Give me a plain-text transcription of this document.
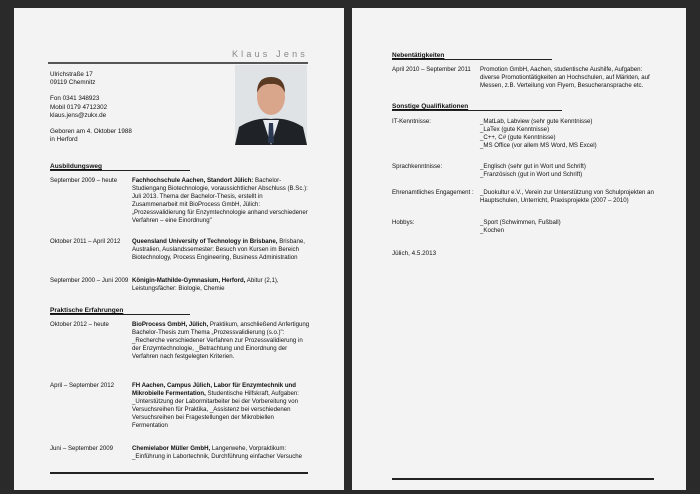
Klaus Jens
Ulrichstraße 17
09119 Chemnitz
Fon 0341 348923
Mobil 0179 4712302
klaus.jens@zukx.de
Geboren am 4. Oktober 1988
in Herford
Ausbildungsweg
September 2009 – heute	Fachhochschule Aachen, Standort Jülich: Bachelor-Studiengang Biotechnologie, voraussichtlicher Abschluss (B.Sc.): Juli 2013. Thema der Bachelor-Thesis, erstellt in Zusammenarbeit mit BioProcess GmbH, Jülich: „Prozessvalidierung für Enzymtechnologie anhand verschiedener Verfahren – eine Einordnung"
Oktober 2011 – April 2012	Queensland University of Technology in Brisbane, Brisbane, Australien, Auslandssemester: Besuch von Kursen im Bereich Biotechnology, Process Engineering, Business Administration
September 2000 – Juni 2009 Königin-Mathilde-Gymnasium, Herford, Abitur (2,1), Leistungsfächer: Biologie, Chemie
Praktische Erfahrungen
Oktober 2012 – heute	BioProcess GmbH, Jülich, Praktikum, anschließend Anfertigung Bachelor-Thesis zum Thema „Prozessvalidierung (s.o.)": _Recherche verschiedener Verfahren zur Prozessvalidierung in der Enzymtechnologie, _Betrachtung und Einordnung der Verfahren nach festgelegten Kriterien.
April – September 2012	FH Aachen, Campus Jülich, Labor für Enzymtechnik und Mikrobielle Fermentation, Studentische Hilfskraft, Aufgaben: _Unterstützung der Labormitarbeiter bei der Vorbereitung von Versuchsreihen für Praktika, _Assistenz bei verschiedenen Versuchsreihen bei Fragestellungen der Mikrobiellen Fermentation
Juni – September 2009	Chemielabor Müller GmbH, Langerwehe, Vorpraktikum: _Einführung in Labortechnik, Durchführung einfacher Versuche
Nebentätigkeiten
April 2010 – September 2011	Promotion GmbH, Aachen, studentische Aushilfe, Aufgaben: diverse Promotiontätigkeiten an Hochschulen, auf Märkten, auf Messen, z.B. Verteilung von Flyern, Besucheransprache etc.
Sonstige Qualifikationen
IT-Kenntnisse:	_MatLab, Labview (sehr gute Kenntnisse)
_LaTex (gute Kenntnisse)
_C++, C# (gute Kenntnisse)
_MS Office (vor allem MS Word, MS Excel)
Sprachkenntnisse:	_Englisch (sehr gut in Wort und Schrift)
_Französisch (gut in Wort und Schrift)
Ehrenamtliches Engagement :	_Duokultur e.V., Verein zur Unterstützung von Schulprojekten an Hauptschulen, Unterricht, Praxisprojekte (2007 – 2010)
Hobbys:	_Sport (Schwimmen, Fußball)
_Kochen
Jülich, 4.5.2013
